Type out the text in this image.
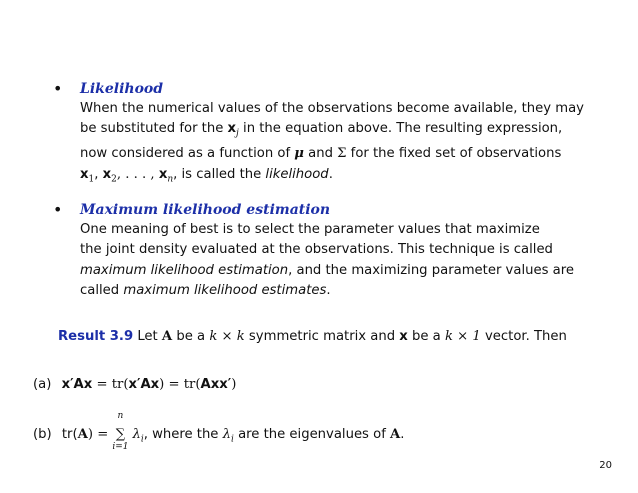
• Likelihood
When the numerical values of the observations become available, they may
be substituted for the $x_j$ in the equation above. The resulting expression,
now considered as a function of μ and Σ for the fixed set of observations
$x_1$, $x_2$, . . . , $x_n$, is called the likelihood.
• Maximum likelihood estimation
One meaning of best is to select the parameter values that maximize
the joint density evaluated at the observations. This technique is called
maximum likelihood estimation, and the maximizing parameter values are
called maximum likelihood estimates.
Result 3.9 Let A be a k × k symmetric matrix and x be a k × 1 vector. Then
(a) x′Ax = tr(x′Ax) = tr(Axx′)
(b) tr(A) =
n
∑
i=1
$\lambda_i$, where the $\lambda_i$ are the eigenvalues of A.
20
